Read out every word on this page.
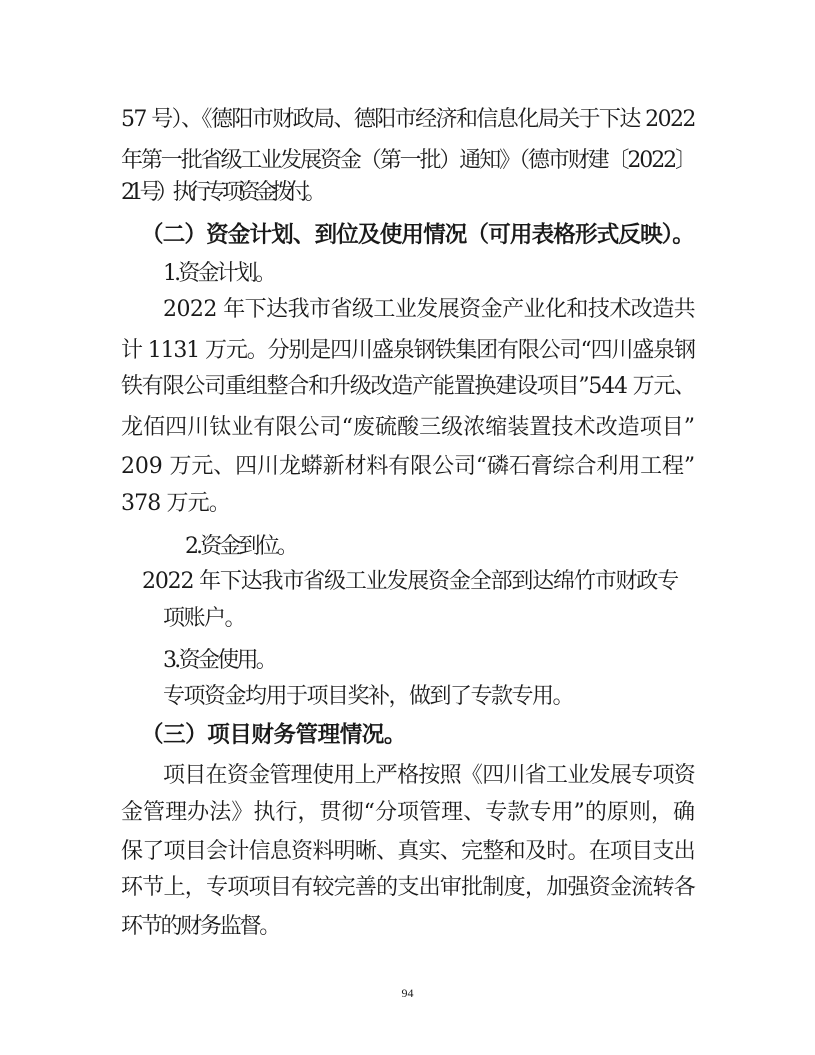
57 号）、《德阳市财政局、德阳市经济和信息化局关于下达 2022
年第一批省级工业发展资金（第一批）通知》（德市财建〔2022〕
21 号）执行专项资金拨付。
（二）资金计划、到位及使用情况（可用表格形式反映）。
1.资金计划。
2022 年下达我市省级工业发展资金产业化和技术改造共
计 1131 万元。分别是四川盛泉钢铁集团有限公司“四川盛泉钢
铁有限公司重组整合和升级改造产能置换建设项目”544 万元、
龙佰四川钛业有限公司“废硫酸三级浓缩装置技术改造项目”
209 万元、四川龙蟒新材料有限公司“磷石膏综合利用工程”
378 万元。
2.资金到位。
2022 年下达我市省级工业发展资金全部到达绵竹市财政专
项账户。
3.资金使用。
专项资金均用于项目奖补，做到了专款专用。
（三）项目财务管理情况。
项目在资金管理使用上严格按照《四川省工业发展专项资
金管理办法》执行，贯彻“分项管理、专款专用”的原则，确
保了项目会计信息资料明晰、真实、完整和及时。在项目支出
环节上，专项项目有较完善的支出审批制度，加强资金流转各
环节的财务监督。
94
